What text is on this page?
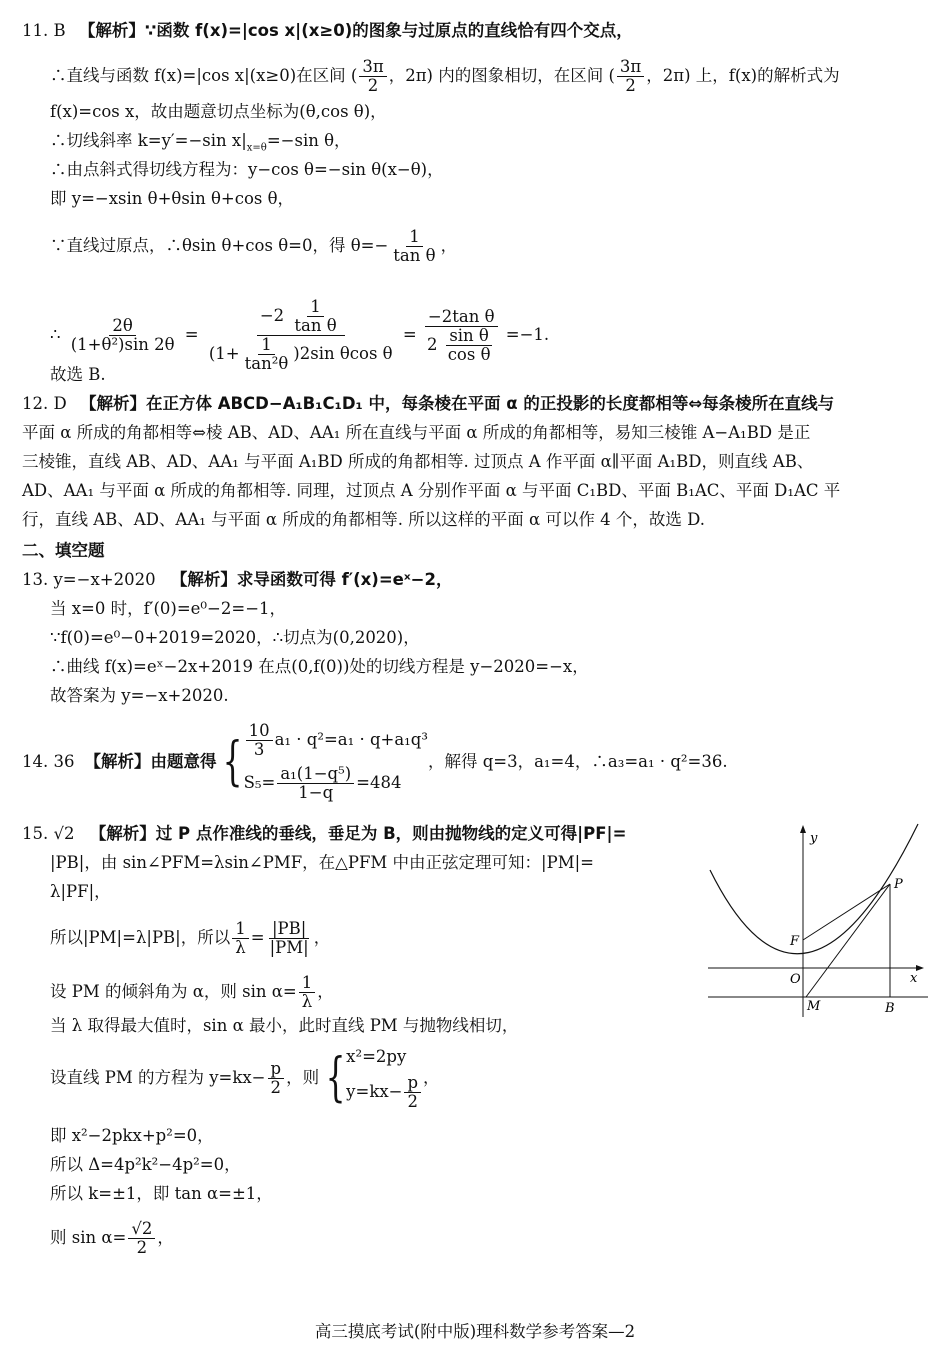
11. B 【解析】∵函数 f(x)=|cos x|(x≥0)的图象与过原点的直线恰有四个交点，
∴直线与函数 f(x)=|cos x|(x≥0)在区间 ( $\frac{3\pi}{2}$ ，2π) 内的图象相切，在区间 ( $\frac{3\pi}{2}$ ，2π) 上，f(x)的解析式为
f(x)=cos x，故由题意切点坐标为(θ,cos θ)，
∴切线斜率 k=y′=−sin $x|_{x=\theta}=-\sin$ θ，
∴由点斜式得切线方程为：y−cos θ=−sin θ(x−θ)，
即 y=−xsin θ+θsin θ+cos θ，
∵直线过原点，∴θsin θ+cos θ=0，得 $\theta=- \frac{1}{\text{tan θ}}$ ，
∴ $\frac{2\theta}{\text{(1+θ²)sin 2θ}} = \frac{-2 \frac{1}{\text{tan θ}}}{(1+ \frac{1}{\text{tan²θ}} )2\sin \theta\cos \theta} = \frac{\text{−2tan θ}}{2 \frac{\text{sin θ}}{\text{cos θ}}} =-1$.
故选 B.
12. D 【解析】在正方体 ABCD−A₁B₁C₁D₁ 中，每条棱在平面 α 的正投影的长度都相等⇔每条棱所在直线与
平面 α 所成的角都相等⇔棱 AB、AD、AA₁ 所在直线与平面 α 所成的角都相等，易知三棱锥 A−A₁BD 是正
三棱锥，直线 AB、AD、AA₁ 与平面 A₁BD 所成的角都相等. 过顶点 A 作平面 α∥平面 A₁BD，则直线 AB、
AD、AA₁ 与平面 α 所成的角都相等. 同理，过顶点 A 分别作平面 α 与平面 C₁BD、平面 B₁AC、平面 D₁AC 平
行，直线 AB、AD、AA₁ 与平面 α 所成的角都相等. 所以这样的平面 α 可以作 4 个，故选 D.
二、填空题
13. y=−x+2020 【解析】求导函数可得 f′(x)=eˣ−2，
当 x=0 时，f′(0)=e⁰−2=−1，
∵f(0)=e⁰−0+2019=2020，∴切点为(0,2020)，
∴曲线 f(x)=eˣ−2x+2019 在点(0,f(0))处的切线方程是 y−2020=−x，
故答案为 y=−x+2020.
14. 36 【解析】由题意得 { $\frac{10}{3} a_1 \cdot q^2=a_1 \cdot q+a_1q^3$
$S_5= \frac{\text{a₁(1−q⁵)}}{1-q} =484$
，解得 q=3，a₁=4，∴a₃=a₁ · q²=36.
15. √2 【解析】过 P 点作准线的垂线，垂足为 B，则由抛物线的定义可得|PF|=
|PB|，由 sin∠PFM=λsin∠PMF，在△PFM 中由正弦定理可知：|PM|=
λ|PF|，
所以|PM|=λ|PB|，所以 $\frac{1}{\lambda} = \frac{|PB|}{|PM|}$ ，
设 PM 的倾斜角为 α，则 $\sin \alpha= \frac{1}{\lambda}$ ，
当 λ 取得最大值时，sin α 最小，此时直线 PM 与抛物线相切，
设直线 PM 的方程为 $y=kx- \frac{p}{2}$ ，则 { x²=2py
$y=kx- \frac{p}{2}$ ，
即 x²−2pkx+p²=0，
所以 Δ=4p²k²−4p²=0，
所以 k=±1，即 tan α=±1，
则 $\sin \alpha= \frac{√2}{2}$ ，
y
x
O
F
P
M	B
高三摸底考试(附中版)理科数学参考答案—2
